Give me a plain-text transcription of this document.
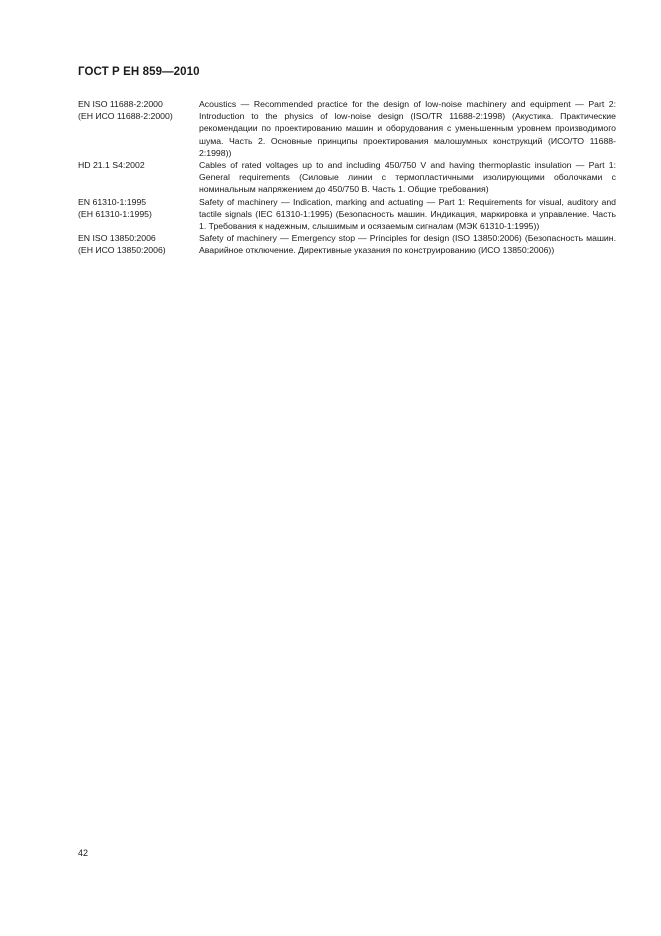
ГОСТ Р ЕН 859—2010
EN ISO 11688-2:2000
(ЕН ИСО 11688-2:2000)
Acoustics — Recommended practice for the design of low-noise machinery and equipment — Part 2: Introduction to the physics of low-noise design (ISO/TR 11688-2:1998) (Акустика. Практические рекомендации по проектированию машин и оборудования с уменьшенным уровнем производимого шума. Часть 2. Основные принципы проектирования малошумных конструкций (ИСО/ТО 11688-2:1998))
HD 21.1 S4:2002	Cables of rated voltages up to and including 450/750 V and having thermoplastic insulation — Part 1: General requirements (Силовые линии с термопластичными изолирующими оболочками с номинальным напряжением до 450/750 В. Часть 1. Общие требования)
EN 61310-1:1995
(ЕН 61310-1:1995)
Safety of machinery — Indication, marking and actuating — Part 1: Requirements for visual, auditory and tactile signals (IEC 61310-1:1995) (Безопасность машин. Индикация, маркировка и управление. Часть 1. Требования к надежным, слышимым и осязаемым сигналам (МЭК 61310-1:1995))
EN ISO 13850:2006
(ЕН ИСО 13850:2006)
Safety of machinery — Emergency stop — Principles for design (ISO 13850:2006) (Безопасность машин. Аварийное отключение. Директивные указания по конструированию (ИСО 13850:2006))
42
